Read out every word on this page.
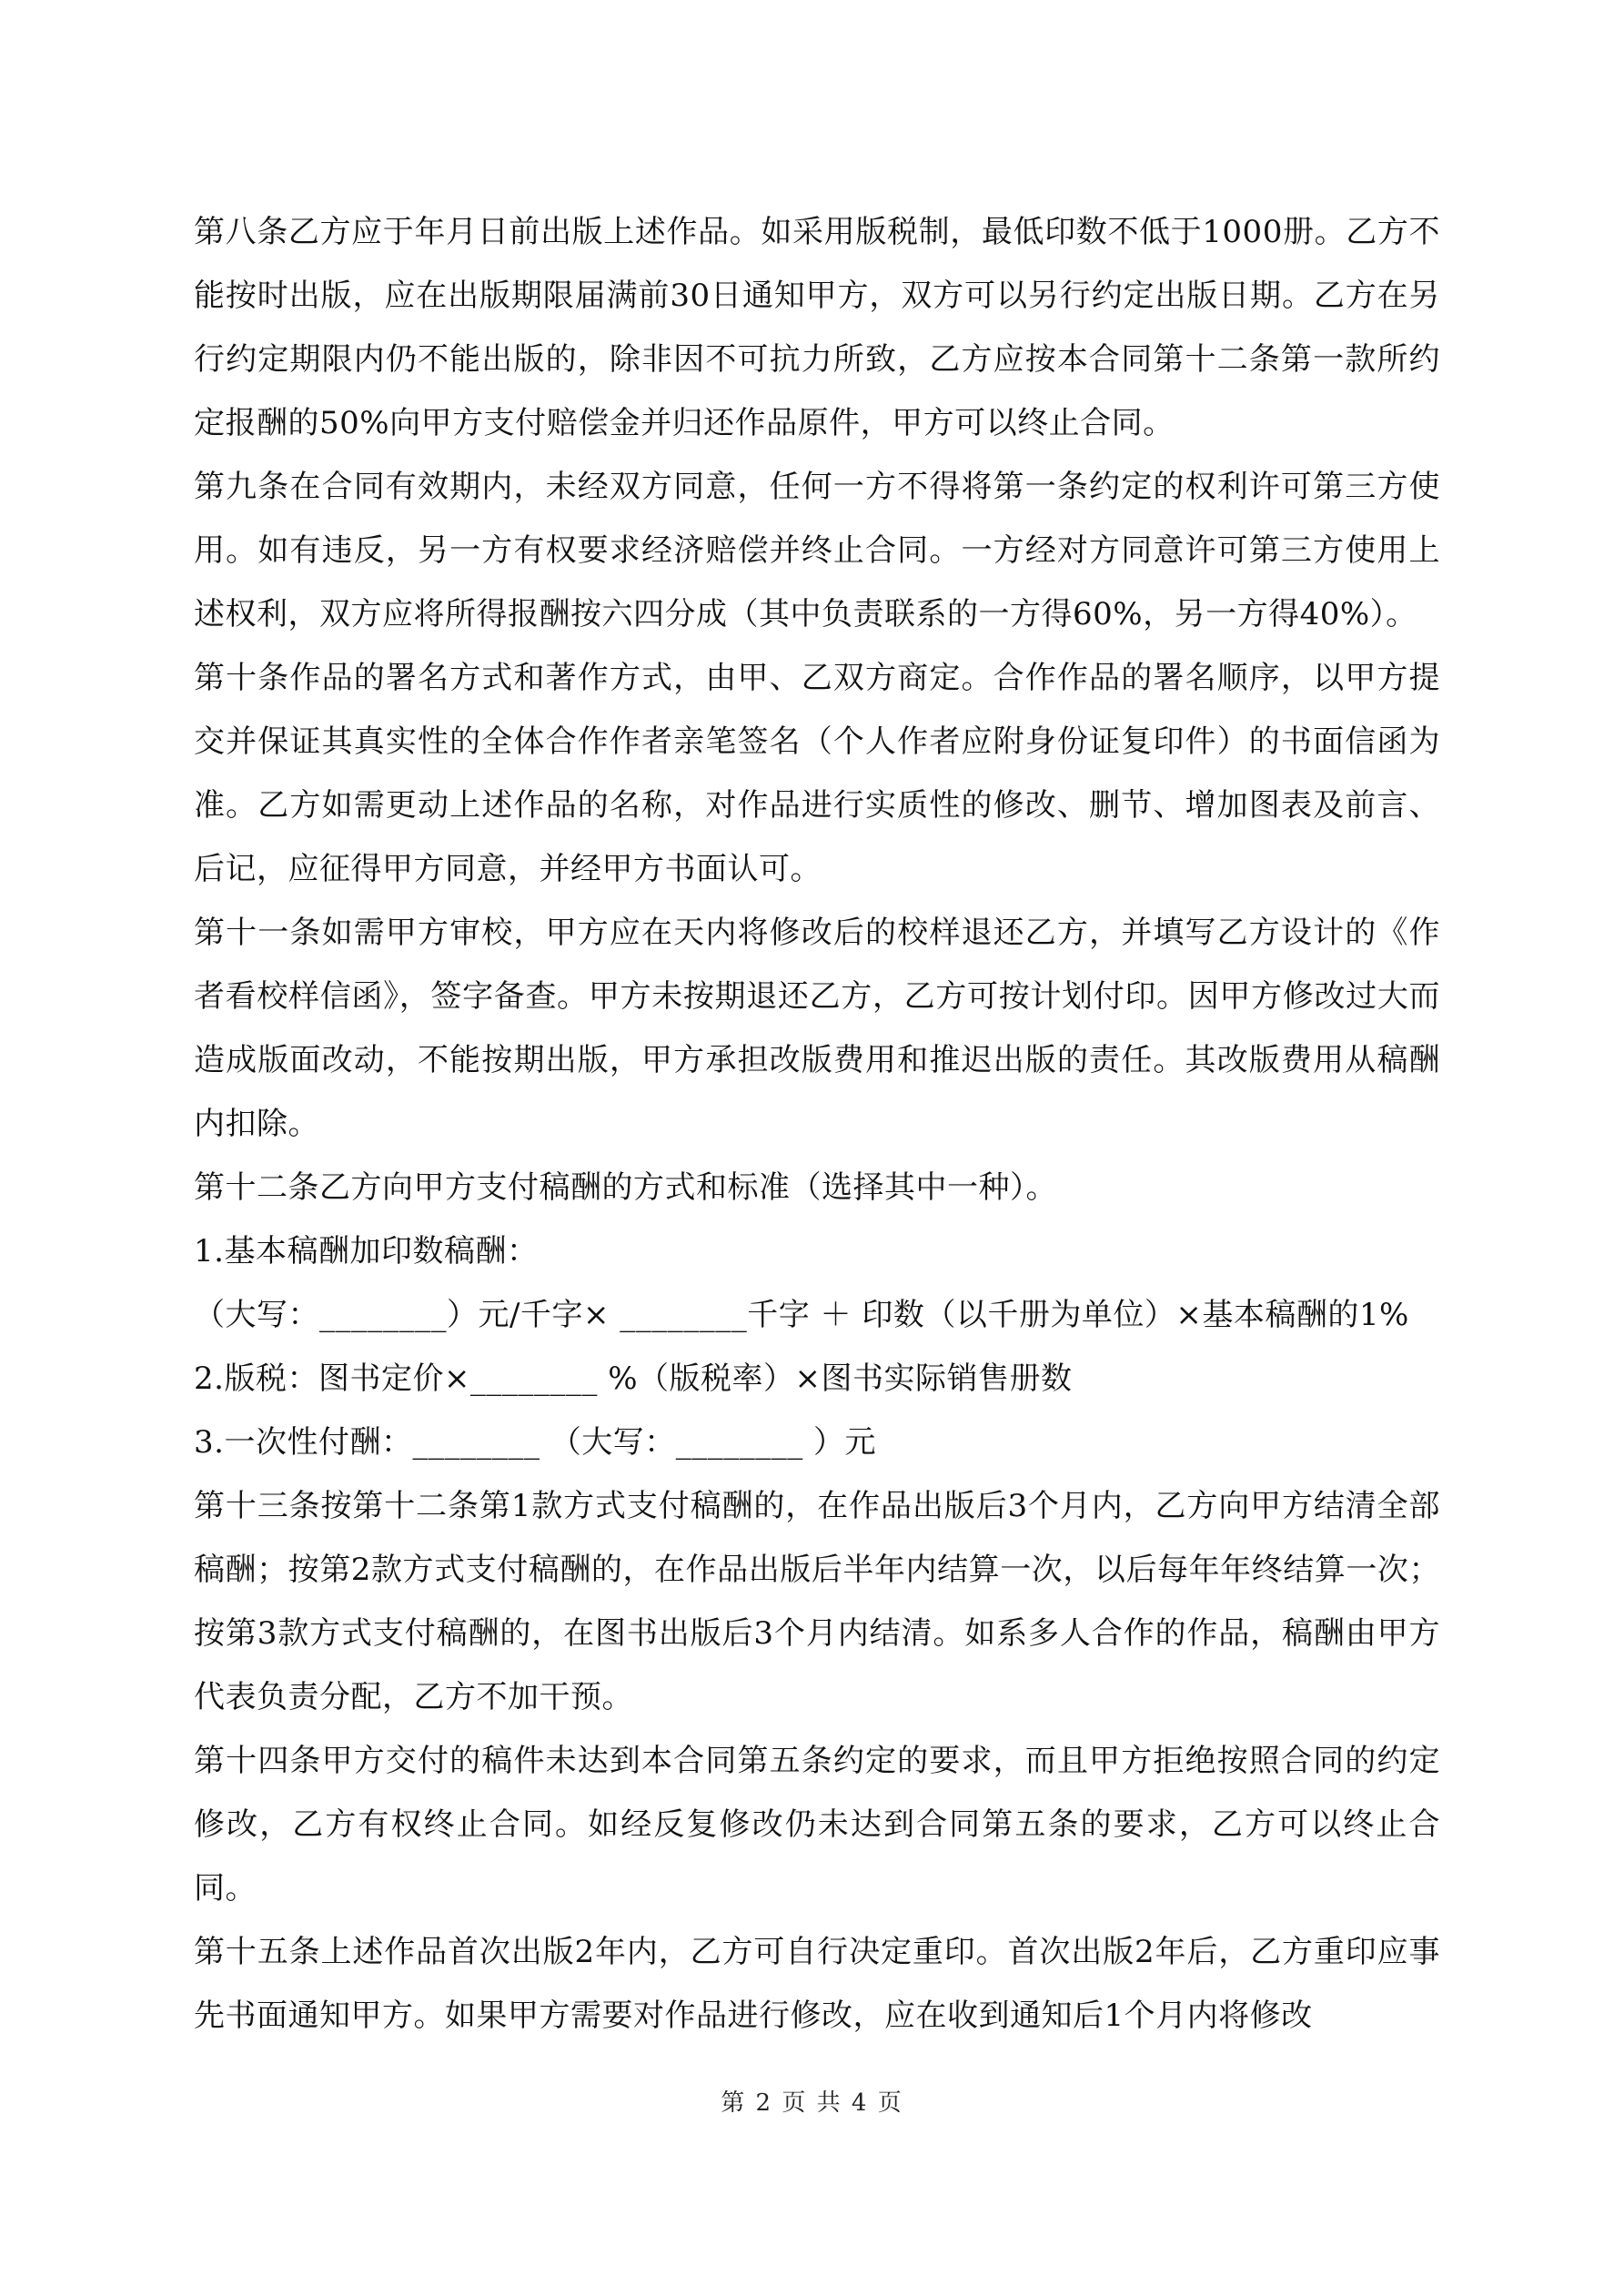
第八条乙方应于年月日前出版上述作品。如采用版税制，最低印数不低于1000册。乙方不能按时出版，应在出版期限届满前30日通知甲方，双方可以另行约定出版日期。乙方在另行约定期限内仍不能出版的，除非因不可抗力所致，乙方应按本合同第十二条第一款所约定报酬的50%向甲方支付赔偿金并归还作品原件，甲方可以终止合同。

第九条在合同有效期内，未经双方同意，任何一方不得将第一条约定的权利许可第三方使用。如有违反，另一方有权要求经济赔偿并终止合同。一方经对方同意许可第三方使用上述权利，双方应将所得报酬按六四分成（其中负责联系的一方得60%，另一方得40%）。

第十条作品的署名方式和著作方式，由甲、乙双方商定。合作作品的署名顺序，以甲方提交并保证其真实性的全体合作作者亲笔签名（个人作者应附身份证复印件）的书面信函为准。乙方如需更动上述作品的名称，对作品进行实质性的修改、删节、增加图表及前言、后记，应征得甲方同意，并经甲方书面认可。

第十一条如需甲方审校，甲方应在天内将修改后的校样退还乙方，并填写乙方设计的《作者看校样信函》，签字备查。甲方未按期退还乙方，乙方可按计划付印。因甲方修改过大而造成版面改动，不能按期出版，甲方承担改版费用和推迟出版的责任。其改版费用从稿酬内扣除。

第十二条乙方向甲方支付稿酬的方式和标准（选择其中一种）。

1.基本稿酬加印数稿酬：

（大写：________）元/千字× ________千字 ＋ 印数（以千册为单位）×基本稿酬的1%

2.版税：图书定价×________ %（版税率）×图书实际销售册数

3.一次性付酬：________ （大写：________ ）元

第十三条按第十二条第1款方式支付稿酬的，在作品出版后3个月内，乙方向甲方结清全部稿酬；按第2款方式支付稿酬的，在作品出版后半年内结算一次，以后每年年终结算一次；按第3款方式支付稿酬的，在图书出版后3个月内结清。如系多人合作的作品，稿酬由甲方代表负责分配，乙方不加干预。

第十四条甲方交付的稿件未达到本合同第五条约定的要求，而且甲方拒绝按照合同的约定修改，乙方有权终止合同。如经反复修改仍未达到合同第五条的要求，乙方可以终止合同。

第十五条上述作品首次出版2年内，乙方可自行决定重印。首次出版2年后，乙方重印应事先书面通知甲方。如果甲方需要对作品进行修改，应在收到通知后1个月内将修改

第 2 页 共 4 页
